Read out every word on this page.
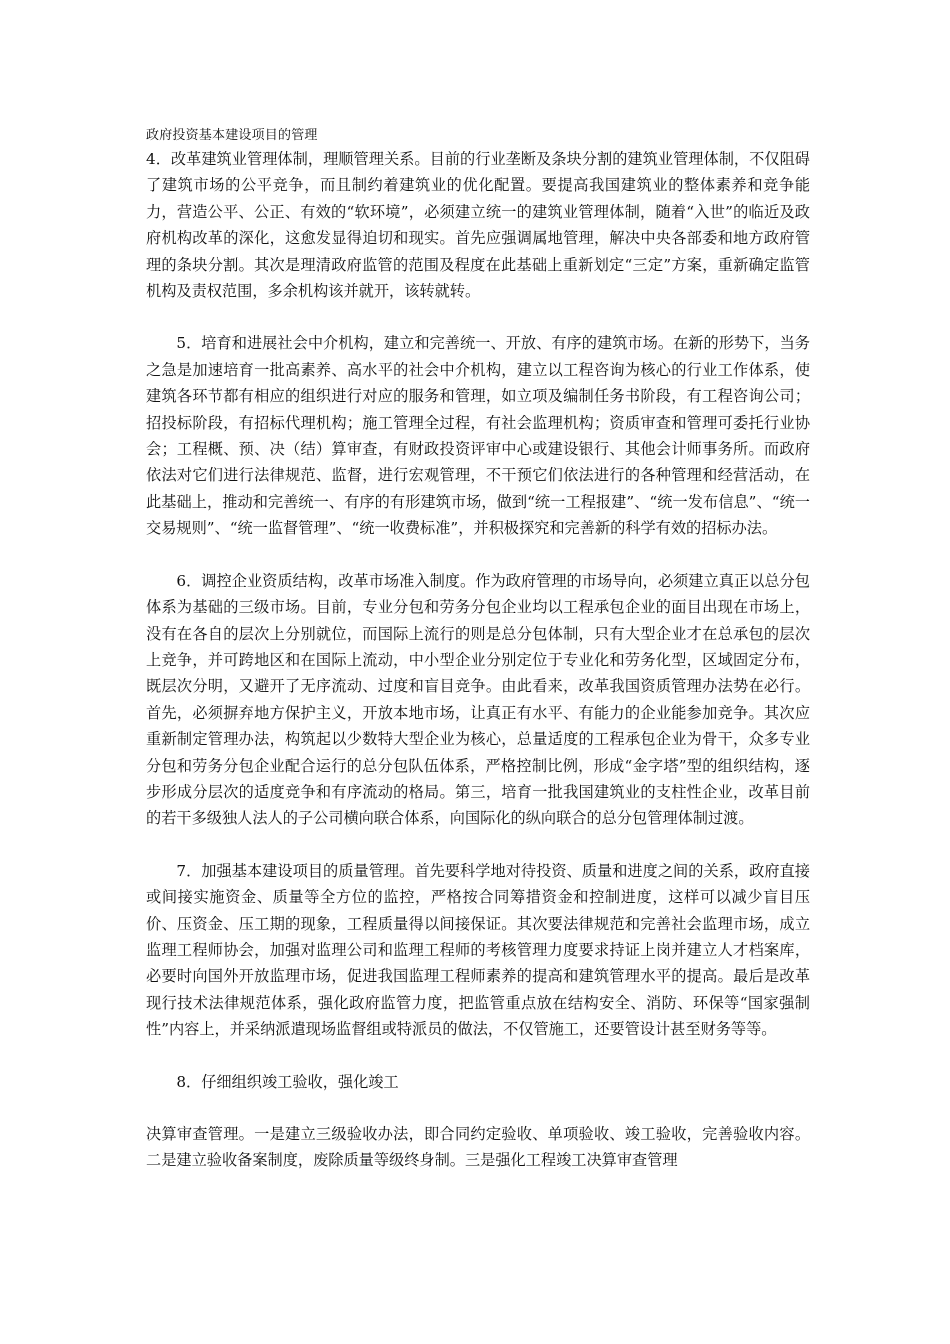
政府投资基本建设项目的管理

4．改革建筑业管理体制，理顺管理关系。目前的行业垄断及条块分割的建筑业管理体制，不仅阻碍了建筑市场的公平竞争，而且制约着建筑业的优化配置。要提高我国建筑业的整体素养和竞争能力，营造公平、公正、有效的“软环境”，必须建立统一的建筑业管理体制，随着“入世”的临近及政府机构改革的深化，这愈发显得迫切和现实。首先应强调属地管理，解决中央各部委和地方政府管理的条块分割。其次是理清政府监管的范围及程度在此基础上重新划定“三定”方案，重新确定监管机构及责权范围，多余机构该并就开，该转就转。

5．培育和进展社会中介机构，建立和完善统一、开放、有序的建筑市场。在新的形势下，当务之急是加速培育一批高素养、高水平的社会中介机构，建立以工程咨询为核心的行业工作体系，使建筑各环节都有相应的组织进行对应的服务和管理，如立项及编制任务书阶段，有工程咨询公司；招投标阶段，有招标代理机构；施工管理全过程，有社会监理机构；资质审查和管理可委托行业协会；工程概、预、决（结）算审查，有财政投资评审中心或建设银行、其他会计师事务所。而政府依法对它们进行法律规范、监督，进行宏观管理，不干预它们依法进行的各种管理和经营活动，在此基础上，推动和完善统一、有序的有形建筑市场，做到“统一工程报建”、“统一发布信息”、“统一交易规则”、“统一监督管理”、“统一收费标准”，并积极探究和完善新的科学有效的招标办法。

6．调控企业资质结构，改革市场准入制度。作为政府管理的市场导向，必须建立真正以总分包体系为基础的三级市场。目前，专业分包和劳务分包企业均以工程承包企业的面目出现在市场上，没有在各自的层次上分别就位，而国际上流行的则是总分包体制，只有大型企业才在总承包的层次上竞争，并可跨地区和在国际上流动，中小型企业分别定位于专业化和劳务化型，区域固定分布，既层次分明，又避开了无序流动、过度和盲目竞争。由此看来，改革我国资质管理办法势在必行。首先，必须摒弃地方保护主义，开放本地市场，让真正有水平、有能力的企业能参加竞争。其次应重新制定管理办法，构筑起以少数特大型企业为核心，总量适度的工程承包企业为骨干，众多专业分包和劳务分包企业配合运行的总分包队伍体系，严格控制比例，形成“金字塔”型的组织结构，逐步形成分层次的适度竞争和有序流动的格局。第三，培育一批我国建筑业的支柱性企业，改革目前的若干多级独人法人的子公司横向联合体系，向国际化的纵向联合的总分包管理体制过渡。

7．加强基本建设项目的质量管理。首先要科学地对待投资、质量和进度之间的关系，政府直接或间接实施资金、质量等全方位的监控，严格按合同筹措资金和控制进度，这样可以减少盲目压价、压资金、压工期的现象，工程质量得以间接保证。其次要法律规范和完善社会监理市场，成立监理工程师协会，加强对监理公司和监理工程师的考核管理力度要求持证上岗并建立人才档案库，必要时向国外开放监理市场，促进我国监理工程师素养的提高和建筑管理水平的提高。最后是改革现行技术法律规范体系，强化政府监管力度，把监管重点放在结构安全、消防、环保等“国家强制性”内容上，并采纳派遣现场监督组或特派员的做法，不仅管施工，还要管设计甚至财务等等。

8．仔细组织竣工验收，强化竣工

决算审查管理。一是建立三级验收办法，即合同约定验收、单项验收、竣工验收，完善验收内容。二是建立验收备案制度，废除质量等级终身制。三是强化工程竣工决算审查管理
